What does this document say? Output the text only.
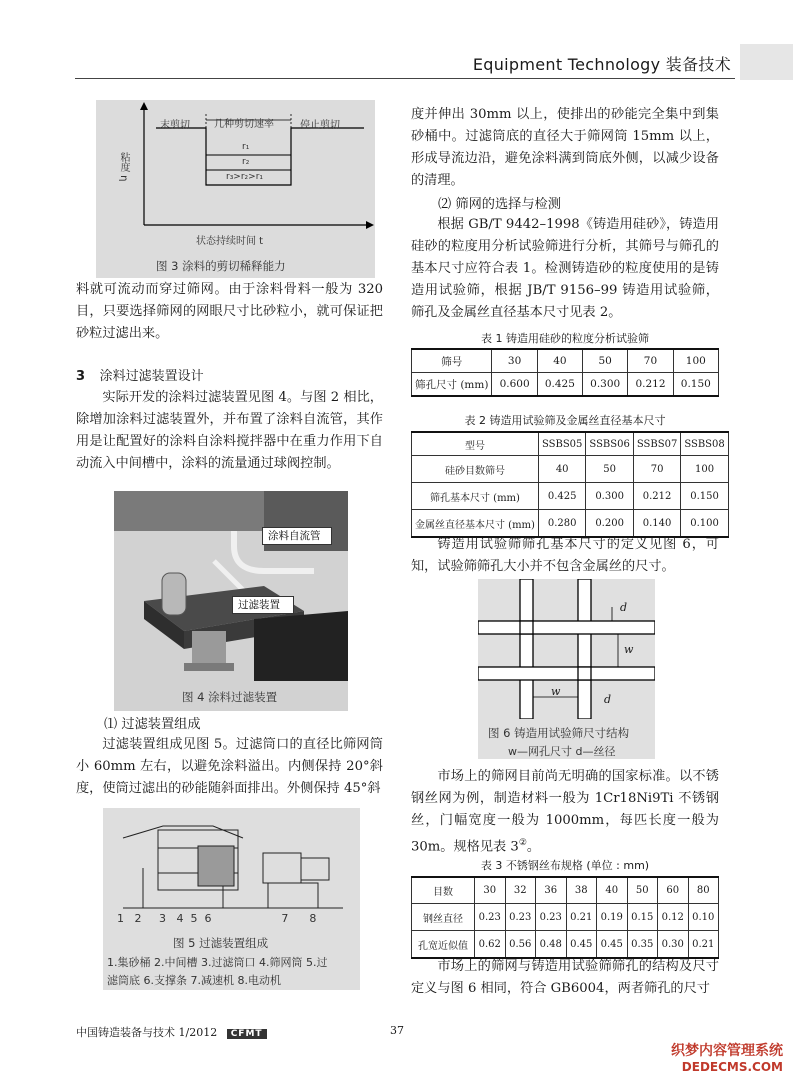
Equipment Technology 装备技术
末剪切 几种剪切速率	停止剪切
粘度 η
r₁
r₂
r₃>r₂>r₁
状态持续时间 t
图 3 涂料的剪切稀释能力

料就可流动而穿过筛网。由于涂料骨料一般为 320 目，只要选择筛网的网眼尺寸比砂粒小，就可保证把砂粒过滤出来。

3 涂料过滤装置设计

实际开发的涂料过滤装置见图 4。与图 2 相比，除增加涂料过滤装置外，并布置了涂料自流管，其作用是让配置好的涂料自涂料搅拌器中在重力作用下自动流入中间槽中，涂料的流量通过球阀控制。

涂料自流管
过滤装置
图 4 涂料过滤装置
⑴ 过滤装置组成

过滤装置组成见图 5。过滤筒口的直径比筛网筒小 60mm 左右，以避免涂料溢出。内侧保持 20°斜度，使筒过滤出的砂能随斜面排出。外侧保持 45°斜

1   2     3   4  5  6                    7      8
图 5 过滤装置组成
1.集砂桶 2.中间槽 3.过滤筒口 4.筛网筒 5.过
滤筒底 6.支撑条 7.减速机 8.电动机

度并伸出 30mm 以上，使排出的砂能完全集中到集砂桶中。过滤筒底的直径大于筛网筒 15mm 以上，形成导流边沿，避免涂料满到筒底外侧，以减少设备的清理。

⑵ 筛网的选择与检测

根据 GB/T 9442–1998《铸造用硅砂》，铸造用硅砂的粒度用分析试验筛进行分析，其筛号与筛孔的基本尺寸应符合表 1。检测铸造砂的粒度使用的是铸造用试验筛，根据 JB/T 9156–99 铸造用试验筛，筛孔及金属丝直径基本尺寸见表 2。

表 1 铸造用硅砂的粒度分析试验筛
筛号	30	40	50	70	100
筛孔尺寸 (mm)	0.600	0.425	0.300	0.212	0.150
表 2 铸造用试验筛及金属丝直径基本尺寸
型号	SSBS05	SSBS06	SSBS07	SSBS08
硅砂目数筛号	40	50	70	100
筛孔基本尺寸 (mm)	0.425	0.300	0.212	0.150
金属丝直径基本尺寸 (mm)	0.280	0.200	0.140	0.100

铸造用试验筛筛孔基本尺寸的定义见图 6，可知，试验筛筛孔大小并不包含金属丝的尺寸。

d
w
w
d
图 6 铸造用试验筛尺寸结构
w—网孔尺寸 d—丝径

市场上的筛网目前尚无明确的国家标准。以不锈钢丝网为例，制造材料一般为 1Cr18Ni9Ti 不锈钢丝，门幅宽度一般为 1000mm，每匹长度一般为 30m。规格见表 3②。

表 3 不锈钢丝布规格 (单位 : mm)
目数	30	32	36	38	40	50	60	80
钢丝直径	0.23	0.23	0.23	0.21	0.19	0.15	0.12	0.10
孔宽近似值	0.62	0.56	0.48	0.45	0.45	0.35	0.30	0.21

市场上的筛网与铸造用试验筛筛孔的结构及尺寸定义与图 6 相同，符合 GB6004，两者筛孔的尺寸

中国铸造装备与技术 1/2012 CFMT	37
织梦内容管理系统
DEDECMS.COM
